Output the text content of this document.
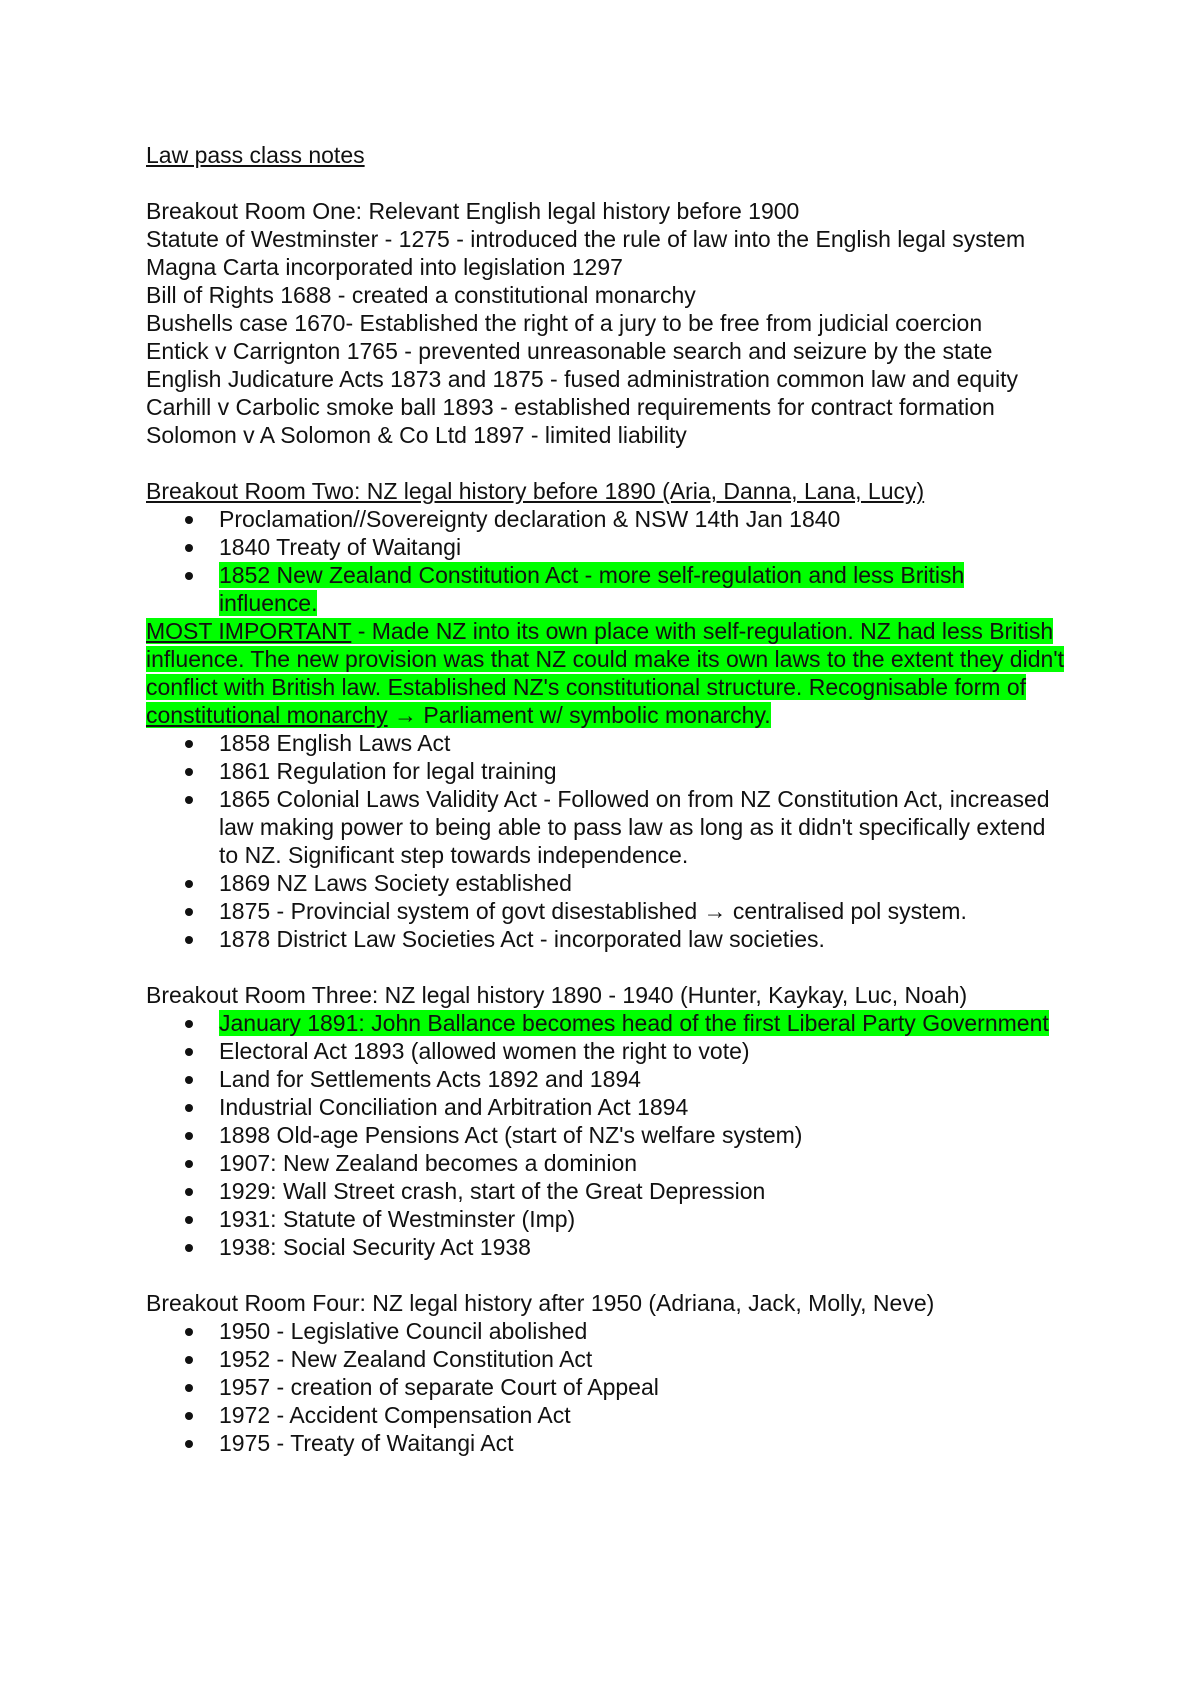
Law pass class notes

Breakout Room One: Relevant English legal history before 1900

Statute of Westminster - 1275 - introduced the rule of law into the English legal system

Magna Carta incorporated into legislation 1297

Bill of Rights 1688 - created a constitutional monarchy

Bushells case 1670- Established the right of a jury to be free from judicial coercion

Entick v Carrignton 1765 - prevented unreasonable search and seizure by the state

English Judicature Acts 1873 and 1875 - fused administration common law and equity

Carhill v Carbolic smoke ball 1893 - established requirements for contract formation

Solomon v A Solomon & Co Ltd 1897 - limited liability

Breakout Room Two: NZ legal history before 1890 (Aria, Danna, Lana, Lucy)

Proclamation//Sovereignty declaration & NSW 14th Jan 1840
1840 Treaty of Waitangi
1852 New Zealand Constitution Act - more self-regulation and less British influence.

MOST IMPORTANT - Made NZ into its own place with self-regulation. NZ had less British influence. The new provision was that NZ could make its own laws to the extent they didn't conflict with British law. Established NZ's constitutional structure. Recognisable form of constitutional monarchy → Parliament w/ symbolic monarchy.

1858 English Laws Act
1861 Regulation for legal training
1865 Colonial Laws Validity Act - Followed on from NZ Constitution Act, increased law making power to being able to pass law as long as it didn't specifically extend to NZ. Significant step towards independence.
1869 NZ Laws Society established
1875 - Provincial system of govt disestablished → centralised pol system.
1878 District Law Societies Act - incorporated law societies.

Breakout Room Three: NZ legal history 1890 - 1940 (Hunter, Kaykay, Luc, Noah)

January 1891: John Ballance becomes head of the first Liberal Party Government
Electoral Act 1893 (allowed women the right to vote)
Land for Settlements Acts 1892 and 1894
Industrial Conciliation and Arbitration Act 1894
1898 Old-age Pensions Act (start of NZ's welfare system)
1907: New Zealand becomes a dominion
1929: Wall Street crash, start of the Great Depression
1931: Statute of Westminster (Imp)
1938: Social Security Act 1938

Breakout Room Four: NZ legal history after 1950 (Adriana, Jack, Molly, Neve)

1950 - Legislative Council abolished
1952 - New Zealand Constitution Act
1957 - creation of separate Court of Appeal
1972 - Accident Compensation Act
1975 - Treaty of Waitangi Act
